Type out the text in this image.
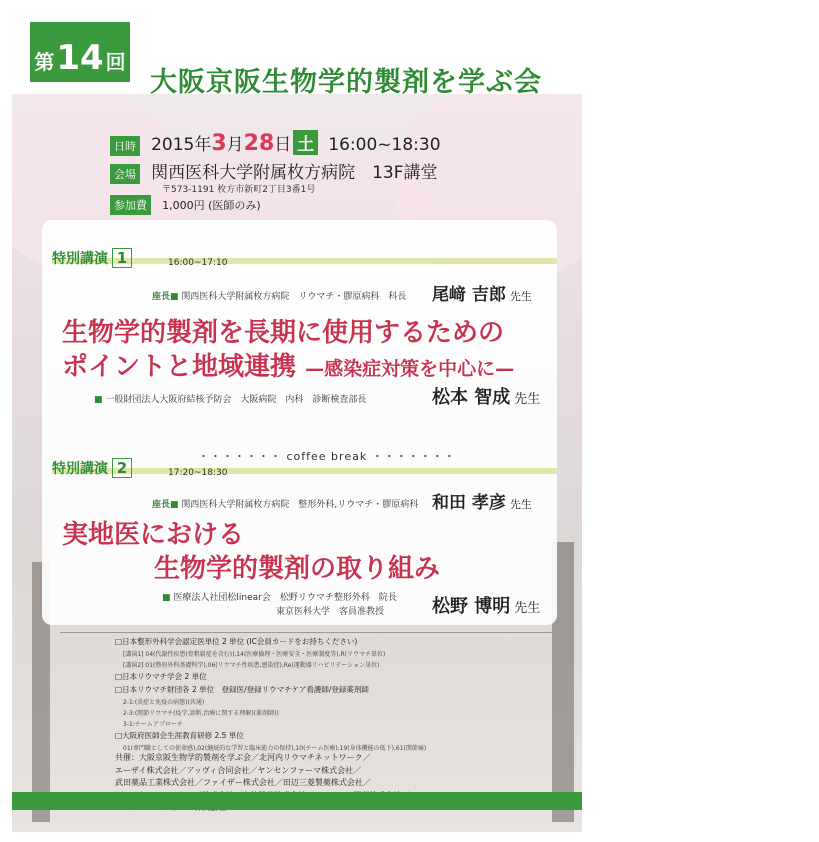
第 14 回
大阪京阪生物学的製剤を学ぶ会
日時 2015年3月28日 土 16:00~18:30
会場 関西医科大学附属枚方病院　13F講堂
〒573-1191 枚方市新町2丁目3番1号
参加費 1,000円 (医師のみ)
特別講演 1	16:00~17:10
座長■ 関西医科大学附属枚方病院　リウマチ・膠原病科　科長 尾﨑 吉郎 先生
生物学的製剤を長期に使用するための
ポイントと地域連携 —感染症対策を中心に—
■ 一般財団法人大阪府結核予防会　大阪病院　内科　診断検査部長	松本 智成 先生
・・・・・・・ coffee break ・・・・・・・
特別講演 2	17:20~18:30
座長■ 関西医科大学附属枚方病院　整形外科,リウマチ・膠原病科 和田 孝彦 先生
実地医における
生物学的製剤の取り組み
■ 医療法人社団松linear会　松野リウマチ整形外科　院長
東京医科大学　客員准教授	松野 博明 先生
□日本整形外科学会認定医単位 2 単位 (IC会員カードをお持ちください)
[講演1] 04(代謝性疾患(骨粗鬆症を含む)),14(医療倫理・医療安全・医療制度等),R(リウマチ単位)
[講演2] 01(整形外科基礎科学),06(リウマチ性疾患,感染症),Re(運動器リハビリテーション単位)
□日本リウマチ学会 2 単位
□日本リウマチ財団各 2 単位　登録医/登録リウマチケア看護師/登録薬剤師
2-1:(炎症と免疫の病態)(共通)
2-3:(関節リウマチ(疫学,診断,治療に関する理解)(薬剤師))
3-1:チームアプローチ
□大阪府医師会生涯教育研修 2.5 単位
01(専門職としての使命感),02(継続的な学習と臨床能力の保持),10(チーム医療),19(身体機能の低下),61(関節痛)
共催：大阪京阪生物学的製剤を学ぶ会／北河内リウマチネットワーク／
エーザイ株式会社／アッヴィ合同会社／ヤンセンファーマ株式会社／
武田薬品工業株式会社／ファイザー株式会社／田辺三菱製薬株式会社／
